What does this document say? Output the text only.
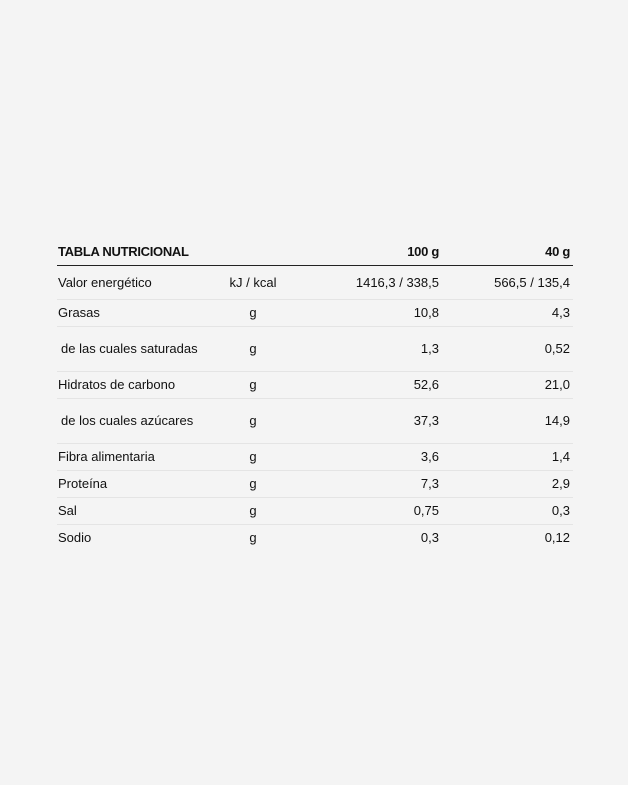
TABLA NUTRICIONAL		100 g	40 g
Valor energético	kJ / kcal	1416,3 / 338,5	566,5 / 135,4
Grasas	g	10,8	4,3
de las cuales saturadas	g	1,3	0,52
Hidratos de carbono	g	52,6	21,0
de los cuales azúcares	g	37,3	14,9
Fibra alimentaria	g	3,6	1,4
Proteína	g	7,3	2,9
Sal	g	0,75	0,3
Sodio	g	0,3	0,12
